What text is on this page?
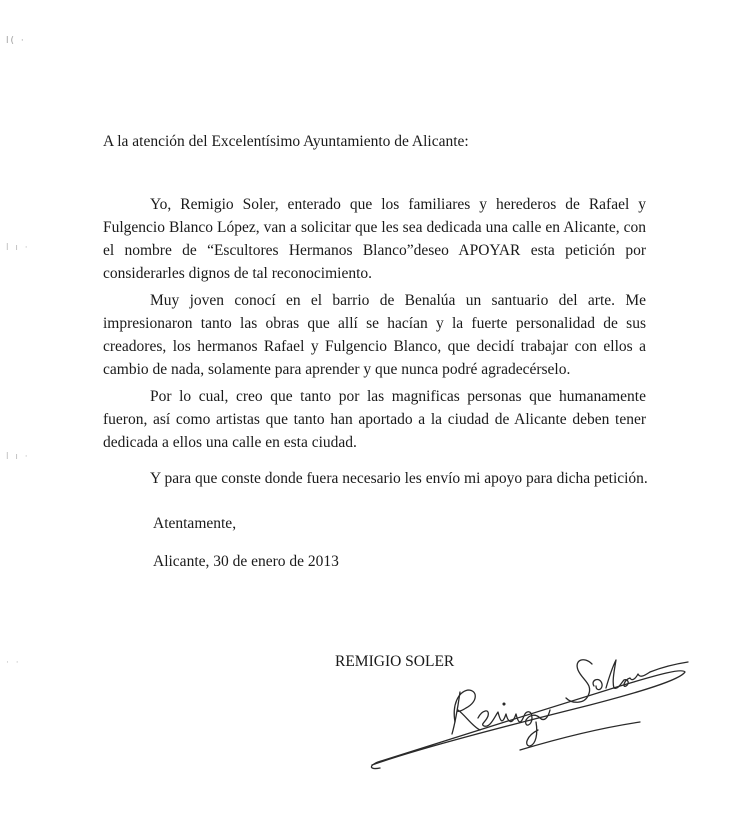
l( ·
l ı ·
l ı ·
· ·
A la atención del Excelentísimo Ayuntamiento de Alicante:

Yo, Remigio Soler, enterado que los familiares y herederos de Rafael y Fulgencio Blanco López, van a solicitar que les sea dedicada una calle en Alicante, con el nombre de “Escultores Hermanos Blanco”deseo APOYAR esta petición por considerarles dignos de tal reconocimiento.

Muy joven conocí en el barrio de Benalúa un santuario del arte. Me impresionaron tanto las obras que allí se hacían y la fuerte personalidad de sus creadores, los hermanos Rafael y Fulgencio Blanco, que decidí trabajar con ellos a cambio de nada, solamente para aprender y que nunca podré agradecérselo.

Por lo cual, creo que tanto por las magnificas personas que humanamente fueron, así como artistas que tanto han aportado a la ciudad de Alicante deben tener dedicada a ellos una calle en esta ciudad.

Y para que conste donde fuera necesario les envío mi apoyo para dicha petición.
Atentamente,
Alicante, 30 de enero de 2013
REMIGIO SOLER
